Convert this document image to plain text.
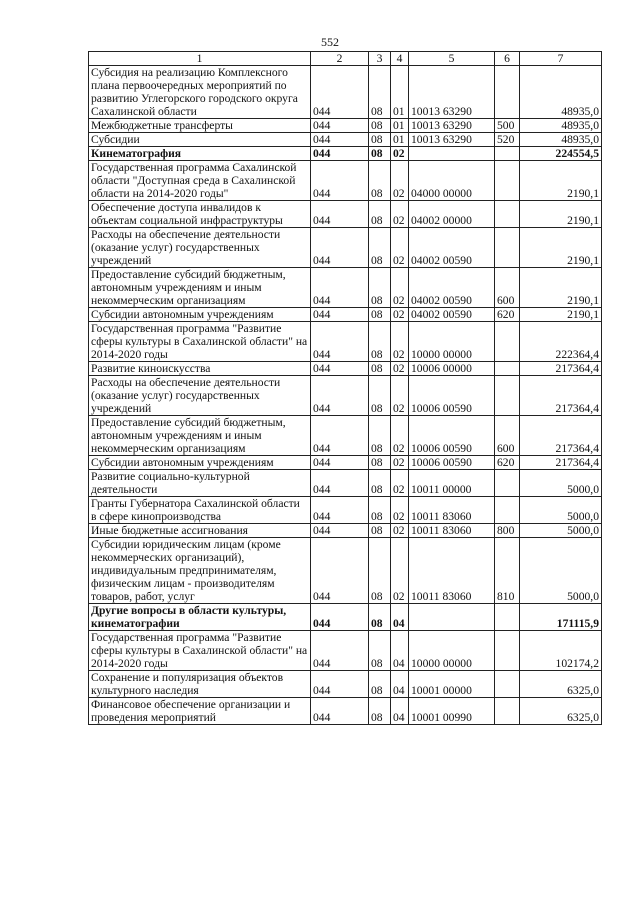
552
1	2	3	4	5	6	7
Субсидия на реализацию Комплексного плана первоочередных мероприятий по развитию Углегорского городского округа Сахалинской области	044	08	01	10013 63290		48935,0
Межбюджетные трансферты	044	08	01	10013 63290	500	48935,0
Субсидии	044	08	01	10013 63290	520	48935,0
Кинематография	044	08	02			224554,5
Государственная программа Сахалинской области "Доступная среда в Сахалинской области на 2014-2020 годы"	044	08	02	04000 00000		2190,1
Обеспечение доступа инвалидов к объектам социальной инфраструктуры	044	08	02	04002 00000		2190,1
Расходы на обеспечение деятельности (оказание услуг) государственных учреждений	044	08	02	04002 00590		2190,1
Предоставление субсидий бюджетным, автономным учреждениям и иным некоммерческим организациям	044	08	02	04002 00590	600	2190,1
Субсидии автономным учреждениям	044	08	02	04002 00590	620	2190,1
Государственная программа "Развитие сферы культуры в Сахалинской области" на 2014-2020 годы	044	08	02	10000 00000		222364,4
Развитие киноискусства	044	08	02	10006 00000		217364,4
Расходы на обеспечение деятельности (оказание услуг) государственных учреждений	044	08	02	10006 00590		217364,4
Предоставление субсидий бюджетным, автономным учреждениям и иным некоммерческим организациям	044	08	02	10006 00590	600	217364,4
Субсидии автономным учреждениям	044	08	02	10006 00590	620	217364,4
Развитие социально-культурной деятельности	044	08	02	10011 00000		5000,0
Гранты Губернатора Сахалинской области в сфере кинопроизводства	044	08	02	10011 83060		5000,0
Иные бюджетные ассигнования	044	08	02	10011 83060	800	5000,0
Субсидии юридическим лицам (кроме некоммерческих организаций), индивидуальным предпринимателям, физическим лицам - производителям товаров, работ, услуг	044	08	02	10011 83060	810	5000,0
Другие вопросы в области культуры, кинематографии	044	08	04			171115,9
Государственная программа "Развитие сферы культуры в Сахалинской области" на 2014-2020 годы	044	08	04	10000 00000		102174,2
Сохранение и популяризация объектов культурного наследия	044	08	04	10001 00000		6325,0
Финансовое обеспечение организации и проведения мероприятий	044	08	04	10001 00990		6325,0
